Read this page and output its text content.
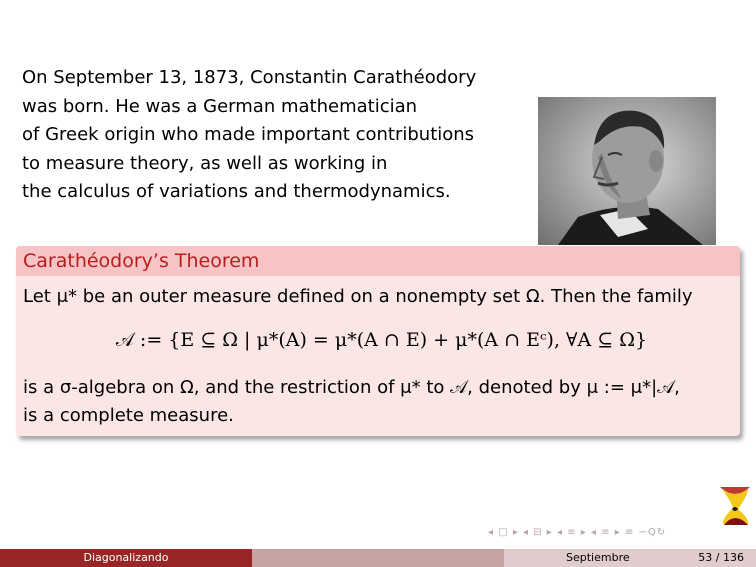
On September 13, 1873, Constantin Carathéodory
was born. He was a German mathematician
of Greek origin who made important contributions
to measure theory, as well as working in
the calculus of variations and thermodynamics.
Carathéodory’s Theorem
Let μ* be an outer measure defined on a nonempty set Ω. Then the family
𝒜 := {E ⊆ Ω | μ*(A) = μ*(A ∩ E) + μ*(A ∩ Eᶜ), ∀A ⊆ Ω}
is a σ-algebra on Ω, and the restriction of μ* to 𝒜, denoted by μ := μ*|𝒜,
is a complete measure.
◂ □ ▸ ◂ ⊟ ▸ ◂ ≡ ▸ ◂ ≡ ▸ ≡ ∽Q↻
Diagonalizando	Septiembre	53 / 136
